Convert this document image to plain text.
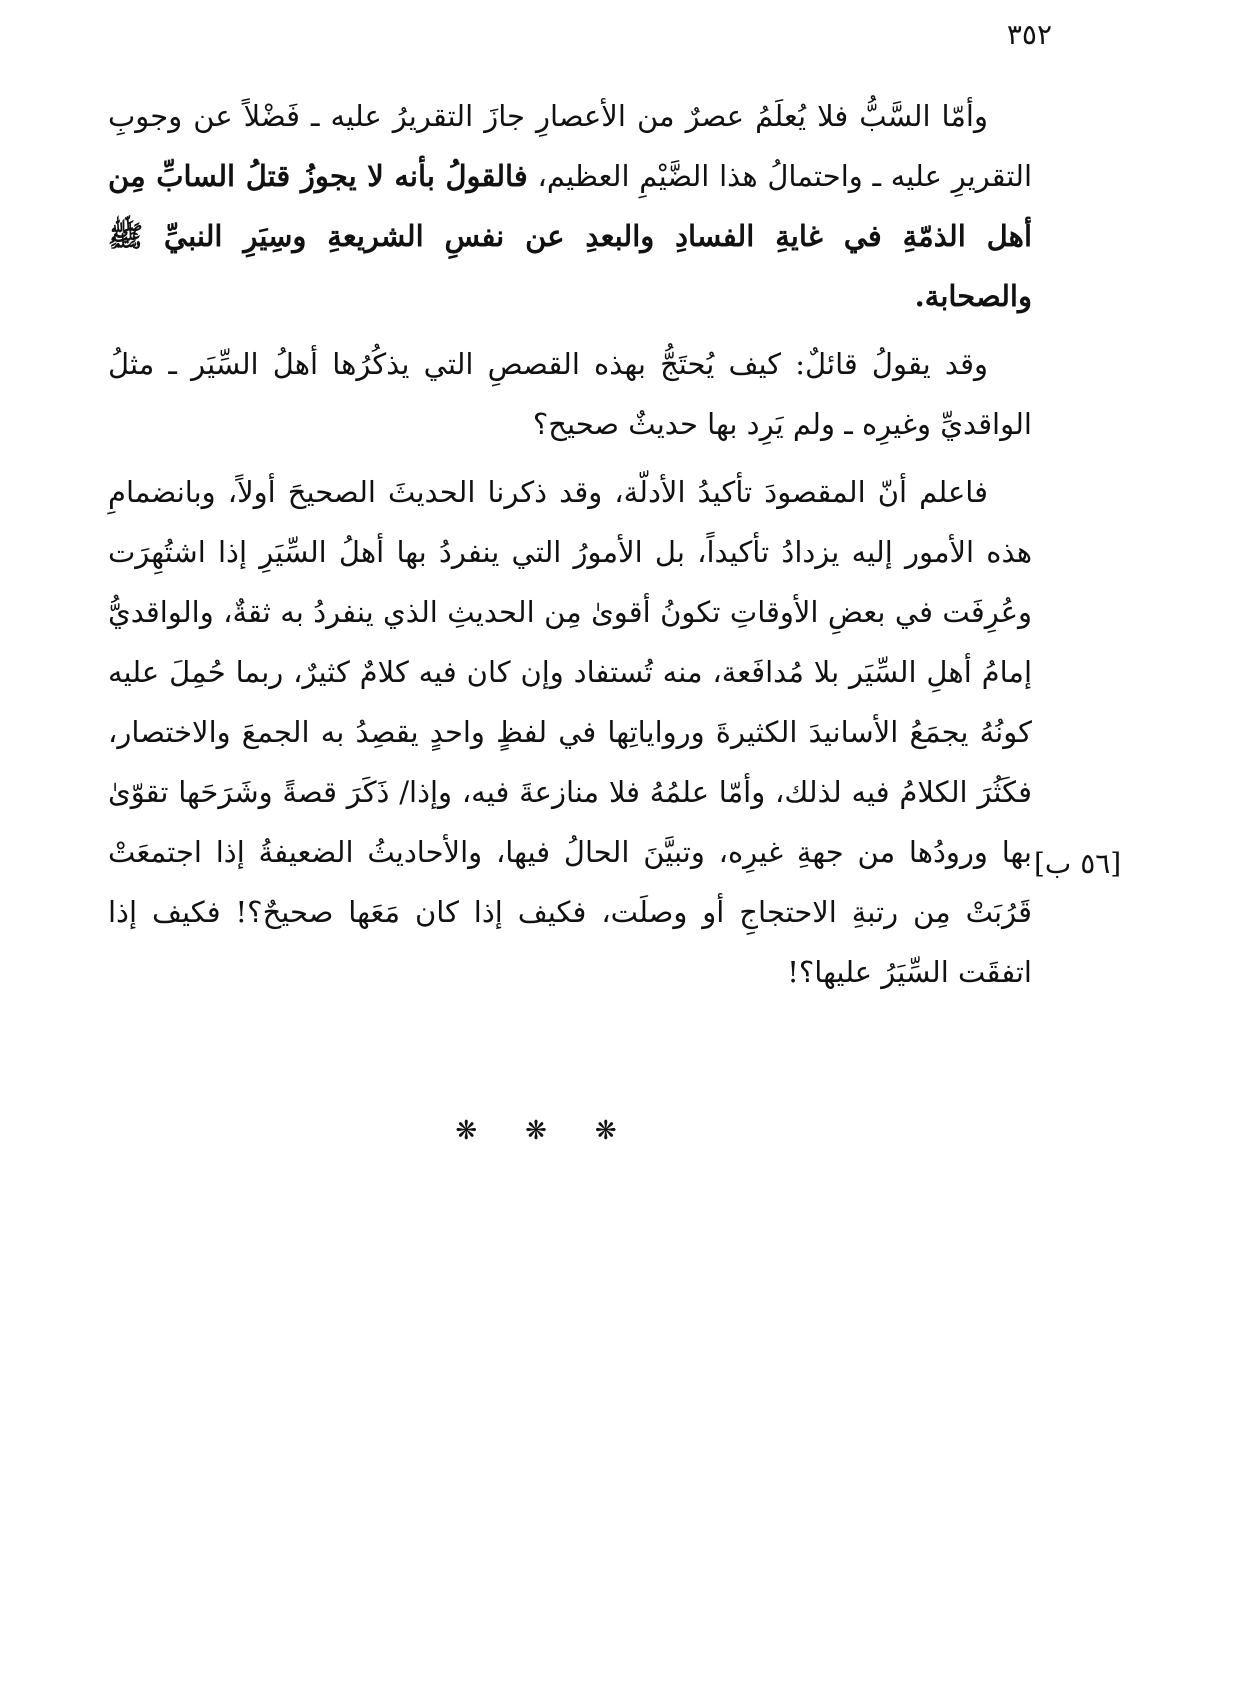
٣٥٢

وأمّا السَّبُّ فلا يُعلَمُ عصرٌ من الأعصارِ جازَ التقريرُ عليه ـ فَضْلاً عن وجوبِ التقريرِ عليه ـ واحتمالُ هذا الضَّيْمِ العظيم، فالقولُ بأنه لا يجوزُ قتلُ السابِّ مِن أهل الذمّةِ في غايةِ الفسادِ والبعدِ عن نفسِ الشريعةِ وسِيَرِ النبيِّ ﷺ والصحابة.

وقد يقولُ قائلٌ: كيف يُحتَجُّ بهذه القصصِ التي يذكُرُها أهلُ السِّيَر ـ مثلُ الواقديِّ وغيرِه ـ ولم يَرِد بها حديثٌ صحيح؟

فاعلم أنّ المقصودَ تأكيدُ الأدلّة، وقد ذكرنا الحديثَ الصحيحَ أولاً، وبانضمامِ هذه الأمور إليه يزدادُ تأكيداً، بل الأمورُ التي ينفردُ بها أهلُ السِّيَرِ إذا اشتُهِرَت وعُرِفَت في بعضِ الأوقاتِ تكونُ أقوىٰ مِن الحديثِ الذي ينفردُ به ثقةٌ، والواقديُّ إمامُ أهلِ السِّيَر بلا مُدافَعة، منه تُستفاد وإن كان فيه كلامٌ كثيرٌ، ربما حُمِلَ عليه كونُهُ يجمَعُ الأسانيدَ الكثيرةَ ورواياتِها في لفظٍ واحدٍ يقصِدُ به الجمعَ والاختصار، فكَثُرَ الكلامُ فيه لذلك، وأمّا علمُهُ فلا منازعةَ فيه، وإذا/ ذَكَرَ قصةً وشَرَحَها تقوّىٰ بها ورودُها من جهةِ غيرِه، وتبيَّنَ الحالُ فيها، والأحاديثُ الضعيفةُ إذا اجتمعَتْ قَرُبَتْ مِن رتبةِ الاحتجاجِ أو وصلَت، فكيف إذا كان مَعَها صحيحٌ؟! فكيف إذا اتفقَت السِّيَرُ عليها؟!

[٥٦ ب]
❋❋❋
